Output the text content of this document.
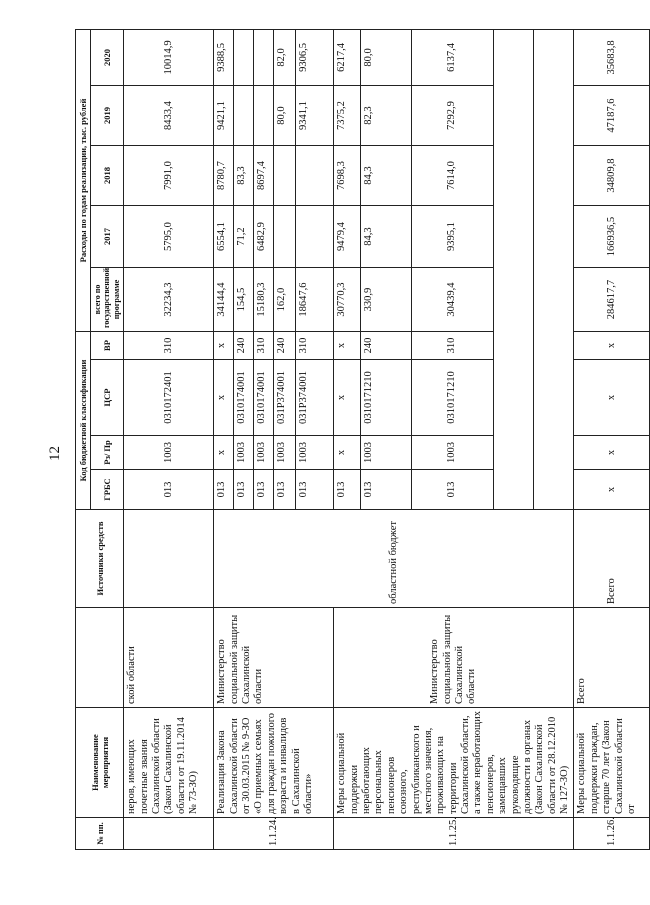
12
№ пп.	Наименование мероприятия		Источники средств	Код бюджетной классификации				Расходы по годам реализации, тыс. рублей				
				ГРБС	Рз/ Пр	ЦСР	ВР	всего по государственной программе	2017	2018	2019	2020
	неров, имеющих почетные звания Сахалинской области (Закон Сахалинской области от 19.11.2014 № 73-ЗО)	ской области		013	1003	0310172401	310	32234,3	5795,0	7991,0	8433,4	10014,9
1.1.24.	Реализация Закона Сахалинской области от 30.03.2015 № 9-ЗО «О приемных семьях для граждан пожилого возраста и инвалидов в Сахалинской области»	Министерство социальной защиты Сахалинской области	областной бюджет	013	х	х	х	34144,4	6554,1	8780,7	9421,1	9388,5
				013	1003	0310174001	240	154,5	71,2	83,3		
				013	1003	0310174001	310	15180,3	6482,9	8697,4		
				013	1003	031P374001	240	162,0			80,0	82,0
				013	1003	031P374001	310	18647,6			9341,1	9306,5
1.1.25.	Меры социальной поддержки неработающих персональных пенсионеров союзного, республиканского и местного значения, проживающих на территории Сахалинской области, а также неработающих пенсионеров, замещавших руководящие должности в органах (Закон Сахалинской области от 28.12.2010 № 127-ЗО)	Министерство социальной защиты Сахалинской области		013	х	х	х	30770,3	9479,4	7698,3	7375,2	6217,4
				013	1003	0310171210	240	330,9	84,3	84,3	82,3	80,0
				013	1003	0310171210	310	30439,4	9395,1	7614,0	7292,9	6137,4

1.1.26.	Меры социальной поддержки граждан, старше 70 лет (Закон Сахалинской области от	Всего	Всего	х	х	х	х	284617,7	166936,5	34809,8	47187,6	35683,8
